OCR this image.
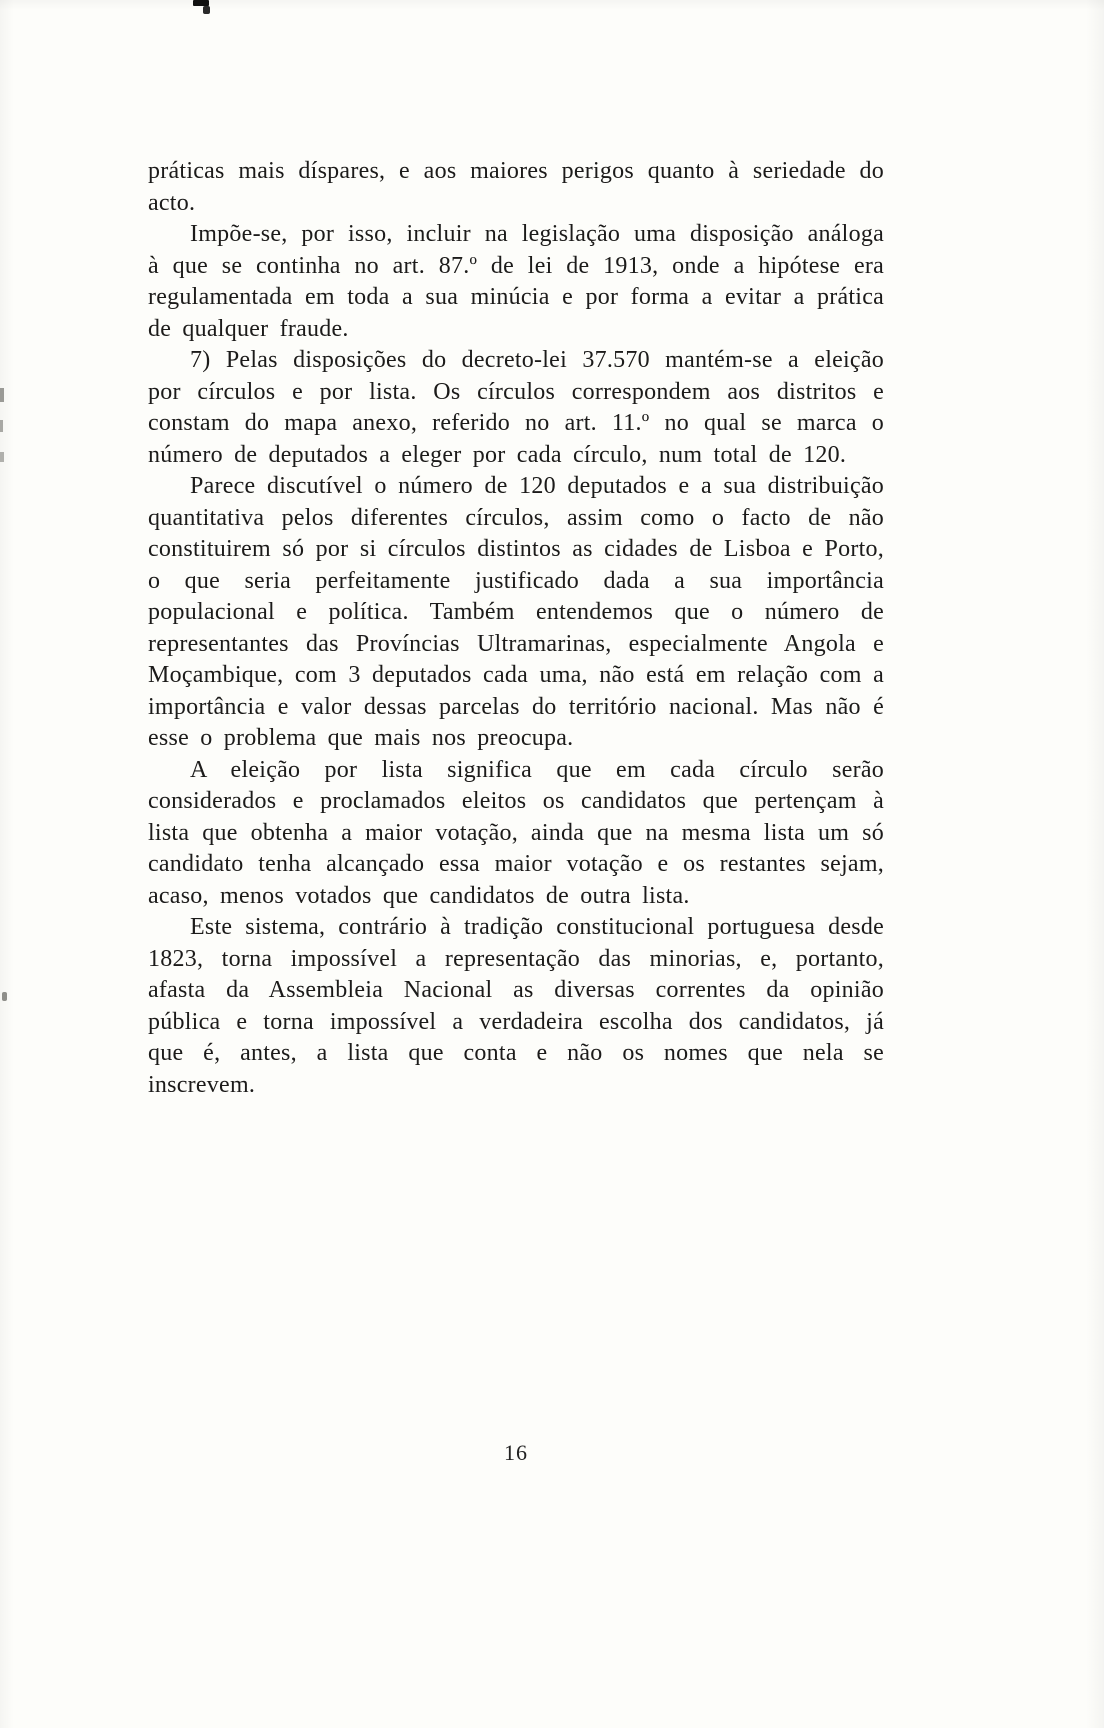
práticas mais díspares, e aos maiores perigos quanto à seriedade do acto.

Impõe-se, por isso, incluir na legislação uma disposição análoga à que se continha no art. 87.º de lei de 1913, onde a hipótese era regulamentada em toda a sua minúcia e por forma a evitar a prática de qualquer fraude.

7) Pelas disposições do decreto-lei 37.570 mantém-se a eleição por círculos e por lista. Os círculos correspondem aos distritos e constam do mapa anexo, referido no art. 11.º no qual se marca o número de deputados a eleger por cada círculo, num total de 120.

Parece discutível o número de 120 deputados e a sua distribuição quantitativa pelos diferentes círculos, assim como o facto de não constituirem só por si círculos distintos as cidades de Lisboa e Porto, o que seria perfeitamente justificado dada a sua importância populacional e política. Também entendemos que o número de representantes das Províncias Ultramarinas, especialmente Angola e Moçambique, com 3 deputados cada uma, não está em relação com a importância e valor dessas parcelas do território nacional. Mas não é esse o problema que mais nos preocupa.

A eleição por lista significa que em cada círculo serão considerados e proclamados eleitos os candidatos que pertençam à lista que obtenha a maior votação, ainda que na mesma lista um só candidato tenha alcançado essa maior votação e os restantes sejam, acaso, menos votados que candidatos de outra lista.

Este sistema, contrário à tradição constitucional portuguesa desde 1823, torna impossível a representação das minorias, e, portanto, afasta da Assembleia Nacional as diversas correntes da opinião pública e torna impossível a verdadeira escolha dos candidatos, já que é, antes, a lista que conta e não os nomes que nela se inscrevem.

16
